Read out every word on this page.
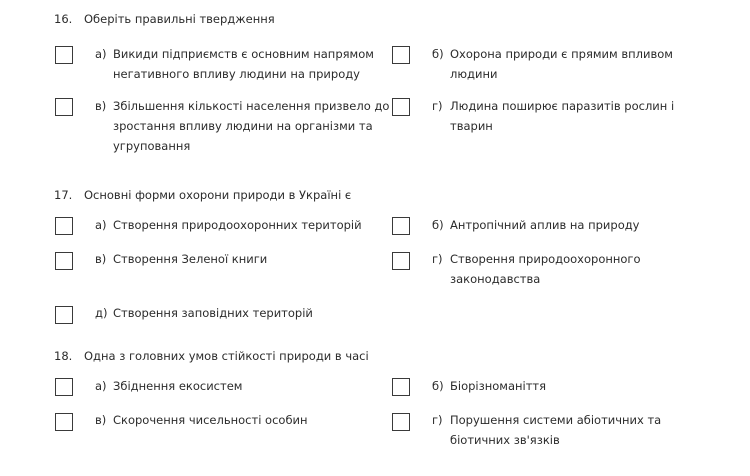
16. Оберіть правильні твердження
а) Викиди підприємств є основним напрямом негативного впливу людини на природу
б) Охорона природи є прямим впливом людини
в) Збільшення кількості населення призвело до зростання впливу людини на організми та угруповання
г) Людина поширює паразитів рослин і тварин
17. Основні форми охорони природи в Україні є
а) Створення природоохоронних територій	б) Антропічний аплив на природу
в) Створення Зеленої книги	г) Створення природоохоронного законодавства
д) Створення заповідних територій
18. Одна з головних умов стійкості природи в часі
а) Збіднення екосистем	б) Біорізноманіття
в) Скорочення чисельності особин	г) Порушення системи абіотичних та біотичних зв'язків
